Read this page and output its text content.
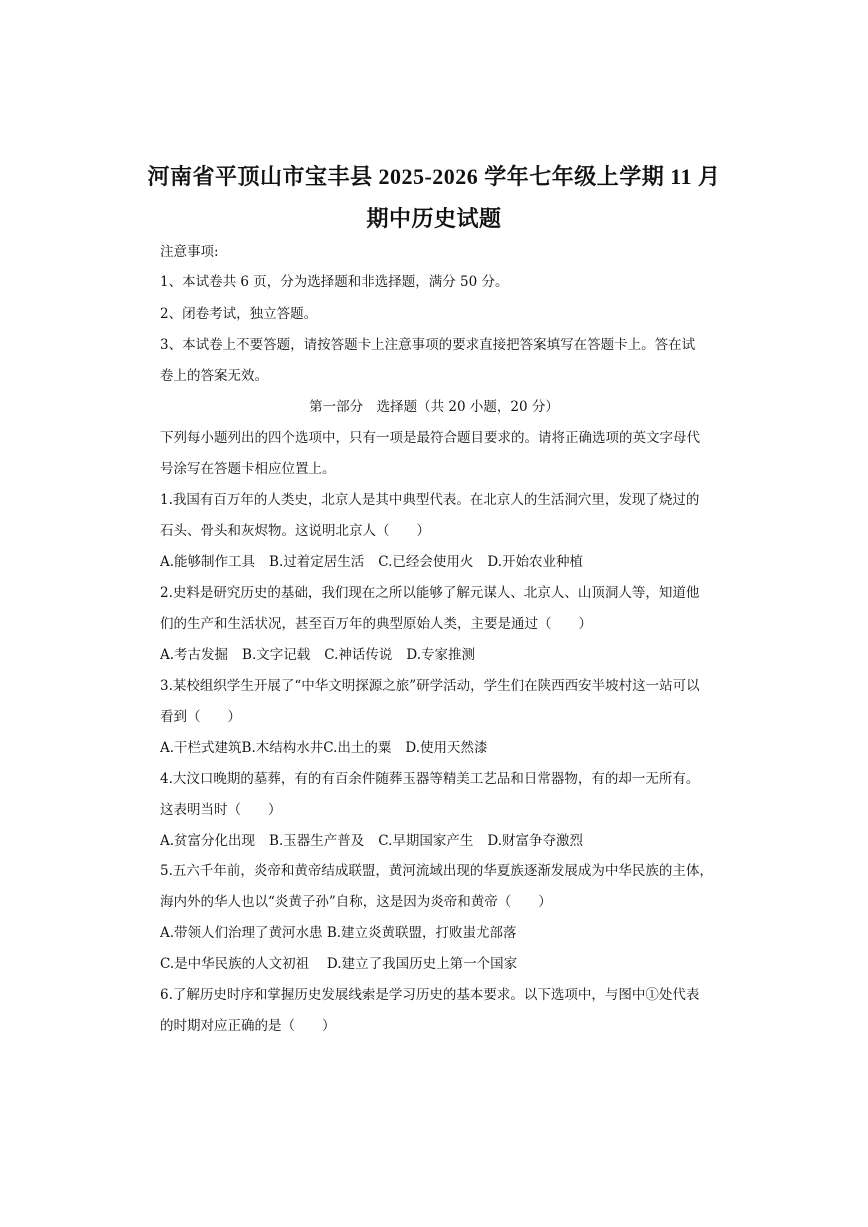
河南省平顶山市宝丰县 2025-2026 学年七年级上学期 11 月
期中历史试题
注意事项:
1、本试卷共 6 页，分为选择题和非选择题，满分 50 分。
2、闭卷考试，独立答题。
3、本试卷上不要答题，请按答题卡上注意事项的要求直接把答案填写在答题卡上。答在试
卷上的答案无效。
第一部分　选择题（共 20 小题，20 分）
下列每小题列出的四个选项中，只有一项是最符合题目要求的。请将正确选项的英文字母代
号涂写在答题卡相应位置上。
1.我国有百万年的人类史，北京人是其中典型代表。在北京人的生活洞穴里，发现了烧过的
石头、骨头和灰烬物。这说明北京人（　　）
A.能够制作工具 B.过着定居生活 C.已经会使用火 D.开始农业种植
2.史料是研究历史的基础，我们现在之所以能够了解元谋人、北京人、山顶洞人等，知道他
们的生产和生活状况，甚至百万年的典型原始人类，主要是通过（　　）
A.考古发掘 B.文字记载 C.神话传说 D.专家推测
3.某校组织学生开展了“中华文明探源之旅”研学活动，学生们在陕西西安半坡村这一站可以
看到（　　）
A.干栏式建筑B.木结构水井C.出土的粟 D.使用天然漆
4.大汶口晚期的墓葬，有的有百余件随葬玉器等精美工艺品和日常器物，有的却一无所有。
这表明当时（　　）
A.贫富分化出现 B.玉器生产普及 C.早期国家产生 D.财富争夺激烈
5.五六千年前，炎帝和黄帝结成联盟，黄河流域出现的华夏族逐渐发展成为中华民族的主体，
海内外的华人也以“炎黄子孙”自称，这是因为炎帝和黄帝（　　）
A.带领人们治理了黄河水患 B.建立炎黄联盟，打败蚩尤部落
C.是中华民族的人文初祖　 D.建立了我国历史上第一个国家
6.了解历史时序和掌握历史发展线索是学习历史的基本要求。以下选项中，与图中①处代表
的时期对应正确的是（　　）
